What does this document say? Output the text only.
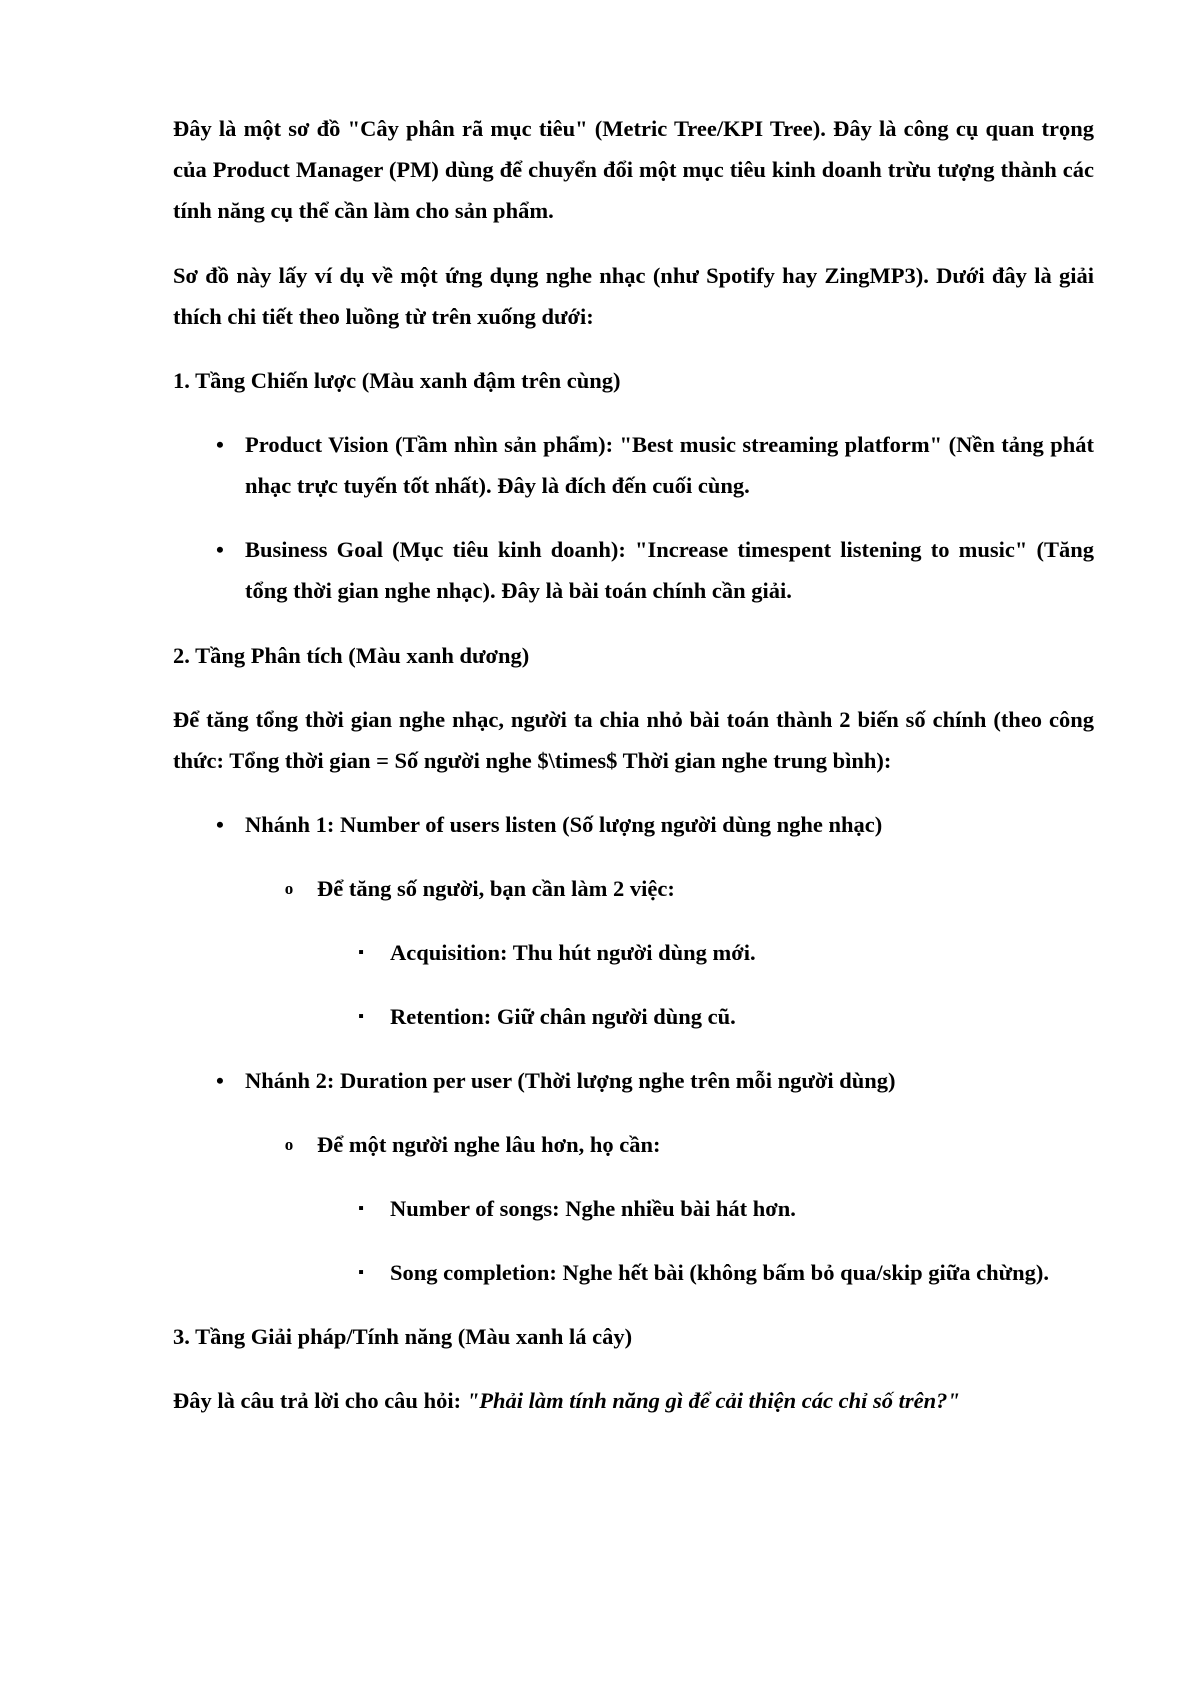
Đây là một sơ đồ "Cây phân rã mục tiêu" (Metric Tree/KPI Tree). Đây là công cụ quan trọng của Product Manager (PM) dùng để chuyển đổi một mục tiêu kinh doanh trừu tượng thành các tính năng cụ thể cần làm cho sản phẩm.

Sơ đồ này lấy ví dụ về một ứng dụng nghe nhạc (như Spotify hay ZingMP3). Dưới đây là giải thích chi tiết theo luồng từ trên xuống dưới:

1. Tầng Chiến lược (Màu xanh đậm trên cùng)

• Product Vision (Tầm nhìn sản phẩm): "Best music streaming platform" (Nền tảng phát nhạc trực tuyến tốt nhất). Đây là đích đến cuối cùng.

• Business Goal (Mục tiêu kinh doanh): "Increase timespent listening to music" (Tăng tổng thời gian nghe nhạc). Đây là bài toán chính cần giải.

2. Tầng Phân tích (Màu xanh dương)

Để tăng tổng thời gian nghe nhạc, người ta chia nhỏ bài toán thành 2 biến số chính (theo công thức: Tổng thời gian = Số người nghe $\times$ Thời gian nghe trung bình):

• Nhánh 1: Number of users listen (Số lượng người dùng nghe nhạc)

o Để tăng số người, bạn cần làm 2 việc:

▪	Acquisition: Thu hút người dùng mới.

▪	Retention: Giữ chân người dùng cũ.

• Nhánh 2: Duration per user (Thời lượng nghe trên mỗi người dùng)

o Để một người nghe lâu hơn, họ cần:

▪	Number of songs: Nghe nhiều bài hát hơn.

▪	Song completion: Nghe hết bài (không bấm bỏ qua/skip giữa chừng).

3. Tầng Giải pháp/Tính năng (Màu xanh lá cây)

Đây là câu trả lời cho câu hỏi: "Phải làm tính năng gì để cải thiện các chỉ số trên?"
